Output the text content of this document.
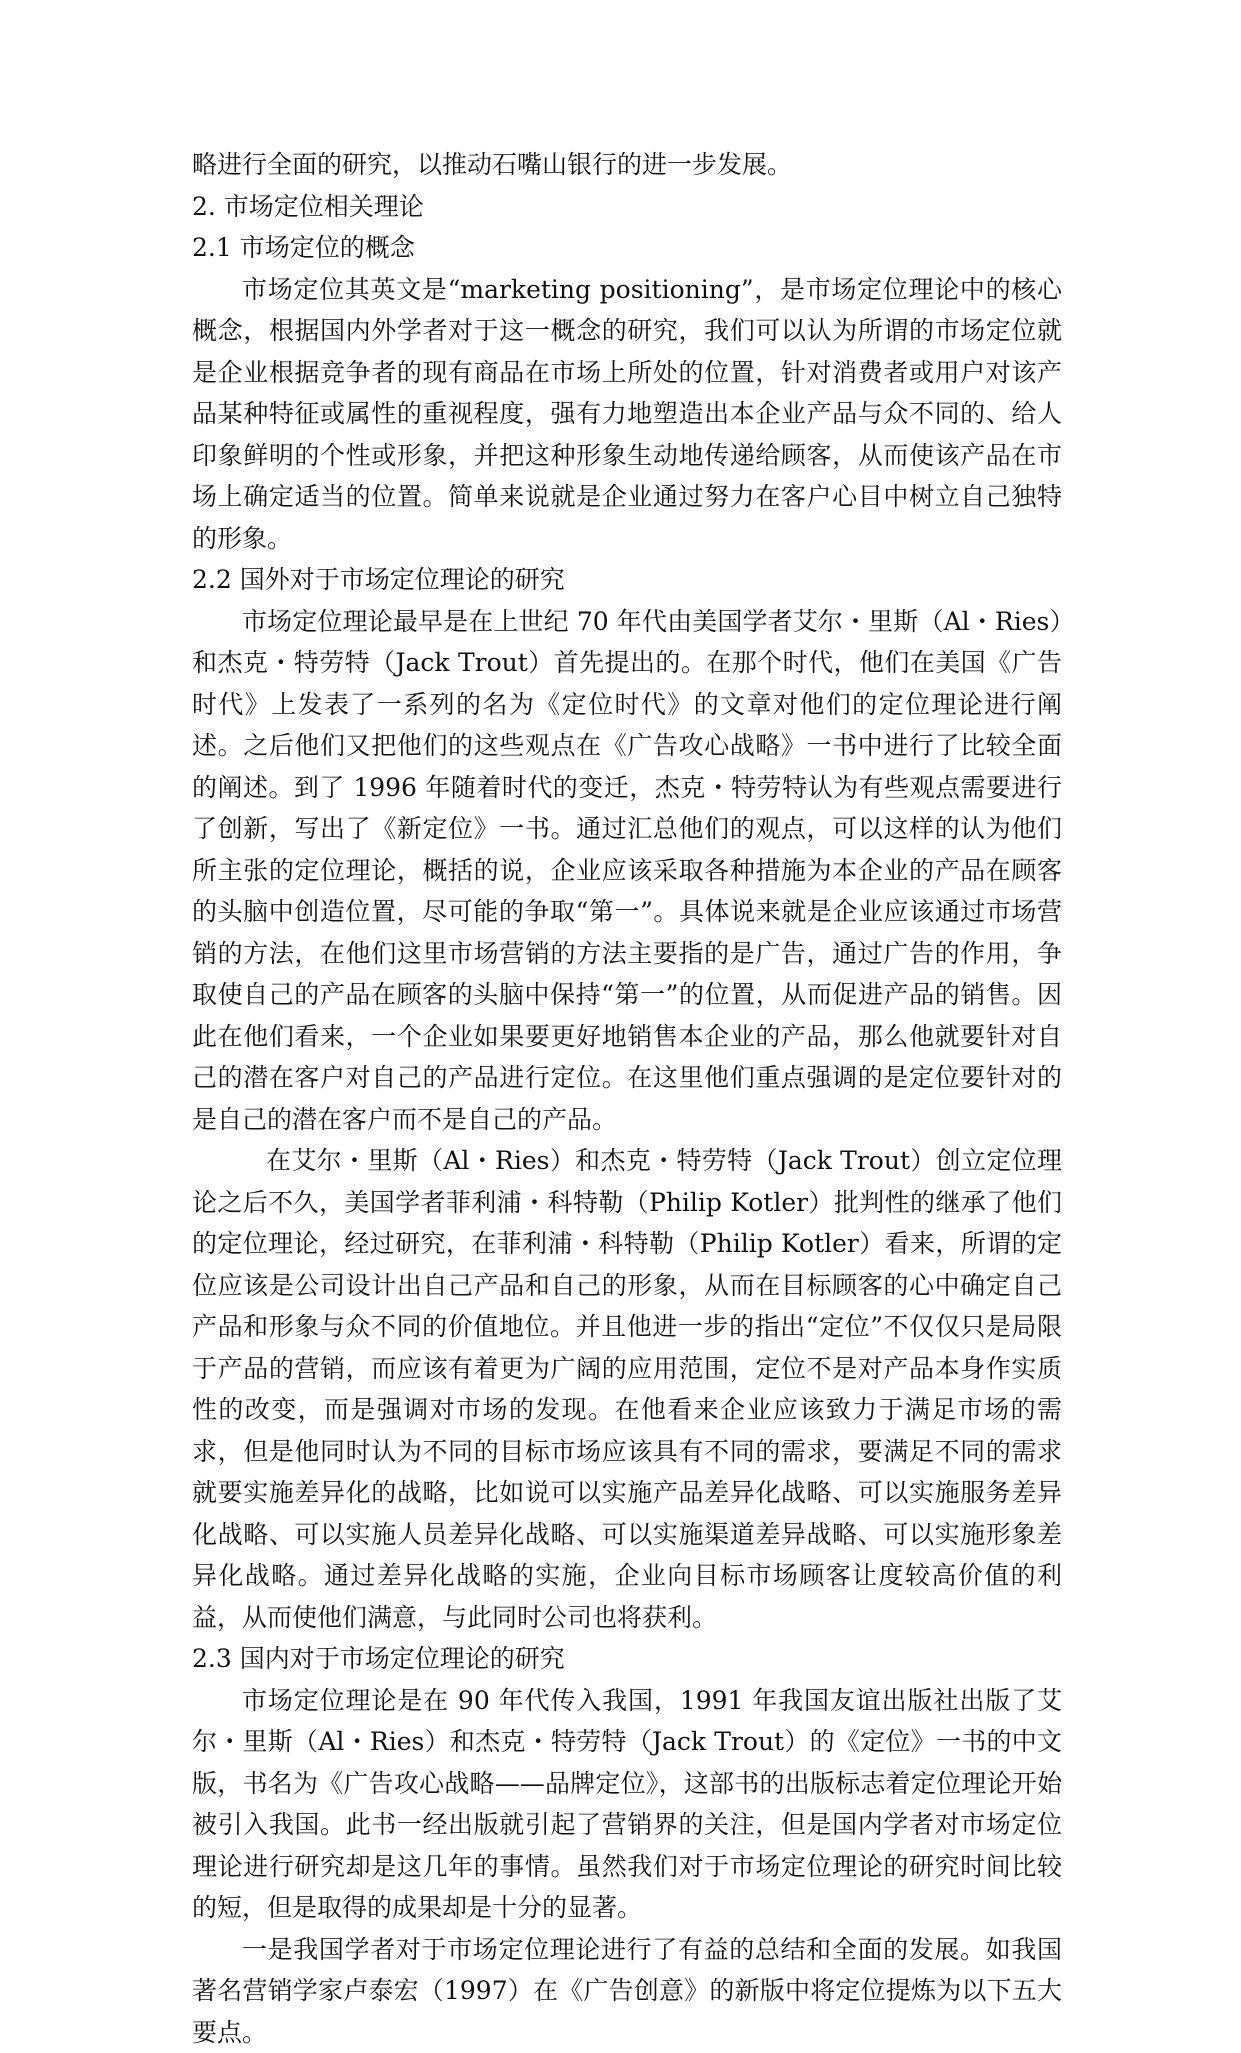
略进行全面的研究，以推动石嘴山银行的进一步发展。

2. 市场定位相关理论

2.1 市场定位的概念

市场定位其英文是“marketing positioning”，是市场定位理论中的核心概念，根据国内外学者对于这一概念的研究，我们可以认为所谓的市场定位就是企业根据竞争者的现有商品在市场上所处的位置，针对消费者或用户对该产品某种特征或属性的重视程度，强有力地塑造出本企业产品与众不同的、给人印象鲜明的个性或形象，并把这种形象生动地传递给顾客，从而使该产品在市场上确定适当的位置。简单来说就是企业通过努力在客户心目中树立自己独特的形象。

2.2 国外对于市场定位理论的研究

市场定位理论最早是在上世纪 70 年代由美国学者艾尔・里斯（Al・Ries）和杰克・特劳特（Jack Trout）首先提出的。在那个时代，他们在美国《广告时代》上发表了一系列的名为《定位时代》的文章对他们的定位理论进行阐述。之后他们又把他们的这些观点在《广告攻心战略》一书中进行了比较全面的阐述。到了 1996 年随着时代的变迁，杰克・特劳特认为有些观点需要进行了创新，写出了《新定位》一书。通过汇总他们的观点，可以这样的认为他们所主张的定位理论，概括的说，企业应该采取各种措施为本企业的产品在顾客的头脑中创造位置，尽可能的争取“第一”。具体说来就是企业应该通过市场营销的方法，在他们这里市场营销的方法主要指的是广告，通过广告的作用，争取使自己的产品在顾客的头脑中保持“第一”的位置，从而促进产品的销售。因此在他们看来，一个企业如果要更好地销售本企业的产品，那么他就要针对自己的潜在客户对自己的产品进行定位。在这里他们重点强调的是定位要针对的是自己的潜在客户而不是自己的产品。

在艾尔・里斯（Al・Ries）和杰克・特劳特（Jack Trout）创立定位理论之后不久，美国学者菲利浦・科特勒（Philip Kotler）批判性的继承了他们的定位理论，经过研究，在菲利浦・科特勒（Philip Kotler）看来，所谓的定位应该是公司设计出自己产品和自己的形象，从而在目标顾客的心中确定自己产品和形象与众不同的价值地位。并且他进一步的指出“定位”不仅仅只是局限于产品的营销，而应该有着更为广阔的应用范围，定位不是对产品本身作实质性的改变，而是强调对市场的发现。在他看来企业应该致力于满足市场的需求，但是他同时认为不同的目标市场应该具有不同的需求，要满足不同的需求就要实施差异化的战略，比如说可以实施产品差异化战略、可以实施服务差异化战略、可以实施人员差异化战略、可以实施渠道差异战略、可以实施形象差异化战略。通过差异化战略的实施，企业向目标市场顾客让度较高价值的利益，从而使他们满意，与此同时公司也将获利。

2.3 国内对于市场定位理论的研究

市场定位理论是在 90 年代传入我国，1991 年我国友谊出版社出版了艾尔・里斯（Al・Ries）和杰克・特劳特（Jack Trout）的《定位》一书的中文版，书名为《广告攻心战略——品牌定位》，这部书的出版标志着定位理论开始被引入我国。此书一经出版就引起了营销界的关注，但是国内学者对市场定位理论进行研究却是这几年的事情。虽然我们对于市场定位理论的研究时间比较的短，但是取得的成果却是十分的显著。

一是我国学者对于市场定位理论进行了有益的总结和全面的发展。如我国著名营销学家卢泰宏（1997）在《广告创意》的新版中将定位提炼为以下五大要点。
